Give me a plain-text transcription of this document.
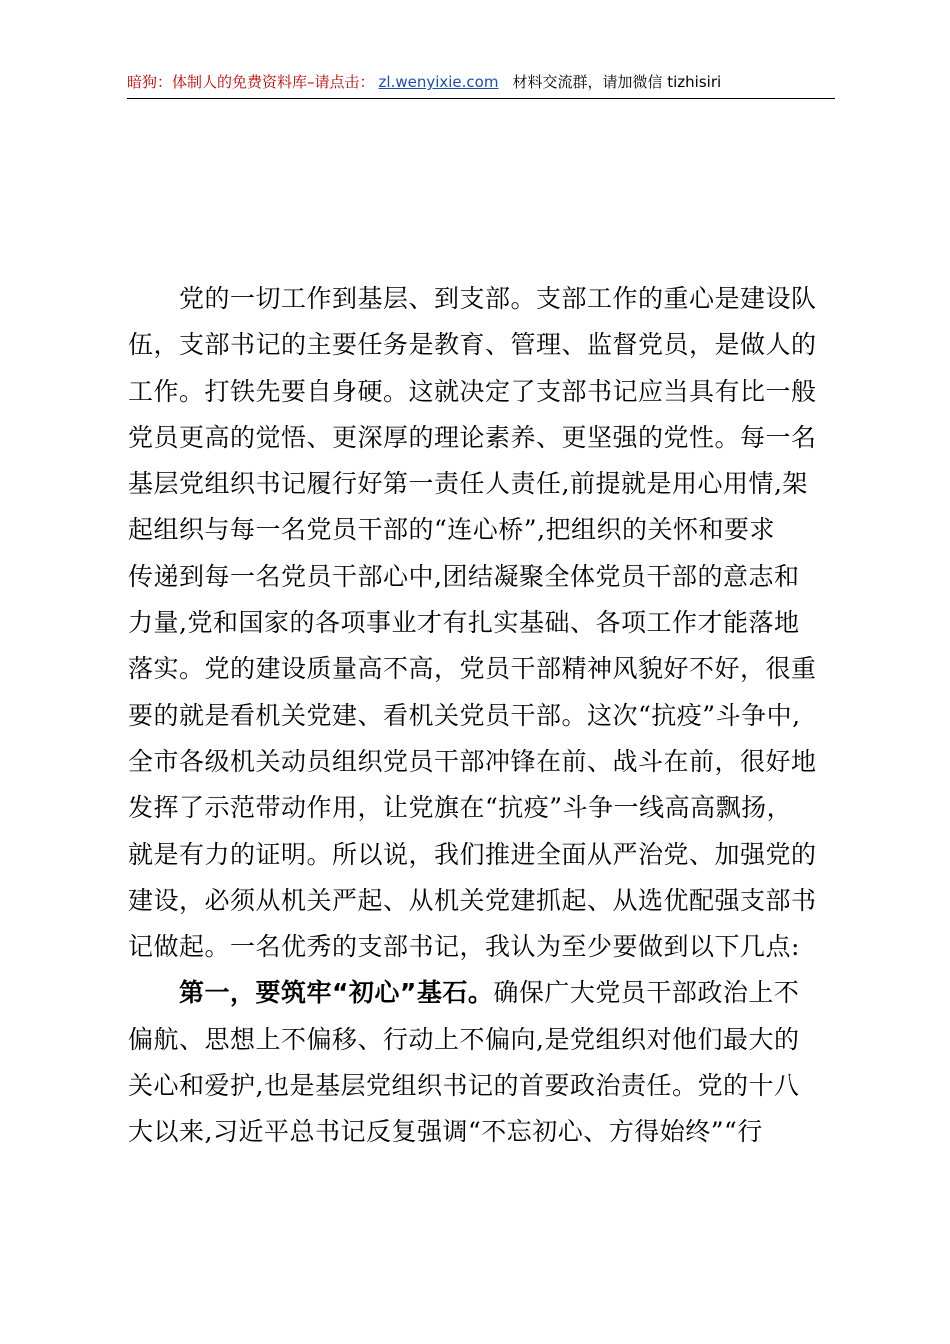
暗狗：体制人的免费资料库–请点击： zl.wenyixie.com 材料交流群，请加微信 tizhisiri

党的一切工作到基层、到支部。支部工作的重心是建设队
伍，支部书记的主要任务是教育、管理、监督党员，是做人的
工作。打铁先要自身硬。这就决定了支部书记应当具有比一般
党员更高的觉悟、更深厚的理论素养、更坚强的党性。每一名
基层党组织书记履行好第一责任人责任,前提就是用心用情,架
起组织与每一名党员干部的“连心桥”,把组织的关怀和要求
传递到每一名党员干部心中,团结凝聚全体党员干部的意志和
力量,党和国家的各项事业才有扎实基础、各项工作才能落地
落实。党的建设质量高不高，党员干部精神风貌好不好，很重
要的就是看机关党建、看机关党员干部。这次“抗疫”斗争中,
全市各级机关动员组织党员干部冲锋在前、战斗在前，很好地
发挥了示范带动作用，让党旗在“抗疫”斗争一线高高飘扬，
就是有力的证明。所以说，我们推进全面从严治党、加强党的
建设，必须从机关严起、从机关党建抓起、从选优配强支部书
记做起。一名优秀的支部书记，我认为至少要做到以下几点:

第一，要筑牢“初心”基石。确保广大党员干部政治上不
偏航、思想上不偏移、行动上不偏向,是党组织对他们最大的
关心和爱护,也是基层党组织书记的首要政治责任。党的十八
大以来,习近平总书记反复强调“不忘初心、方得始终”“行
